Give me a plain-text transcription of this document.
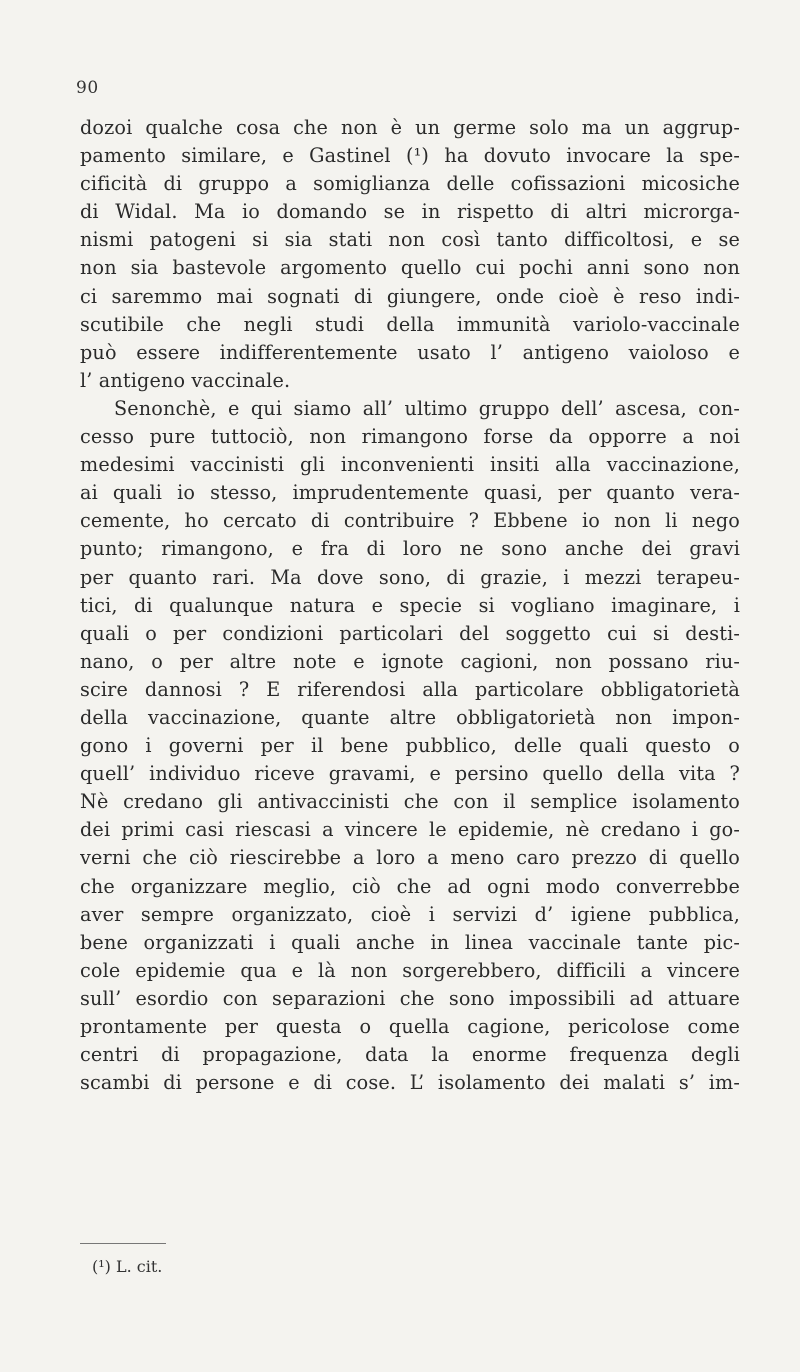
90
dozoi qualche cosa che non è un germe solo ma un aggrup-
pamento similare, e Gastinel (¹) ha dovuto invocare la spe-
cificità di gruppo a somiglianza delle cofissazioni micosiche
di Widal. Ma io domando se in rispetto di altri microrga-
nismi patogeni si sia stati non così tanto difficoltosi, e se
non sia bastevole argomento quello cui pochi anni sono non
ci saremmo mai sognati di giungere, onde cioè è reso indi-
scutibile che negli studi della immunità variolo-vaccinale
può essere indifferentemente usato l’ antigeno vaioloso e
l’ antigeno vaccinale.
Senonchè, e qui siamo all’ ultimo gruppo dell’ ascesa, con-
cesso pure tuttociò, non rimangono forse da opporre a noi
medesimi vaccinisti gli inconvenienti insiti alla vaccinazione,
ai quali io stesso, imprudentemente quasi, per quanto vera-
cemente, ho cercato di contribuire ? Ebbene io non li nego
punto; rimangono, e fra di loro ne sono anche dei gravi
per quanto rari. Ma dove sono, di grazie, i mezzi terapeu-
tici, di qualunque natura e specie si vogliano imaginare, i
quali o per condizioni particolari del soggetto cui si desti-
nano, o per altre note e ignote cagioni, non possano riu-
scire dannosi ? E riferendosi alla particolare obbligatorietà
della vaccinazione, quante altre obbligatorietà non impon-
gono i governi per il bene pubblico, delle quali questo o
quell’ individuo riceve gravami, e persino quello della vita ?
Nè credano gli antivaccinisti che con il semplice isolamento
dei primi casi riescasi a vincere le epidemie, nè credano i go-
verni che ciò riescirebbe a loro a meno caro prezzo di quello
che organizzare meglio, ciò che ad ogni modo converrebbe
aver sempre organizzato, cioè i servizi d’ igiene pubblica,
bene organizzati i quali anche in linea vaccinale tante pic-
cole epidemie qua e là non sorgerebbero, difficili a vincere
sull’ esordio con separazioni che sono impossibili ad attuare
prontamente per questa o quella cagione, pericolose come
centri di propagazione, data la enorme frequenza degli
scambi di persone e di cose. L’ isolamento dei malati s’ im-
(¹) L. cit.
